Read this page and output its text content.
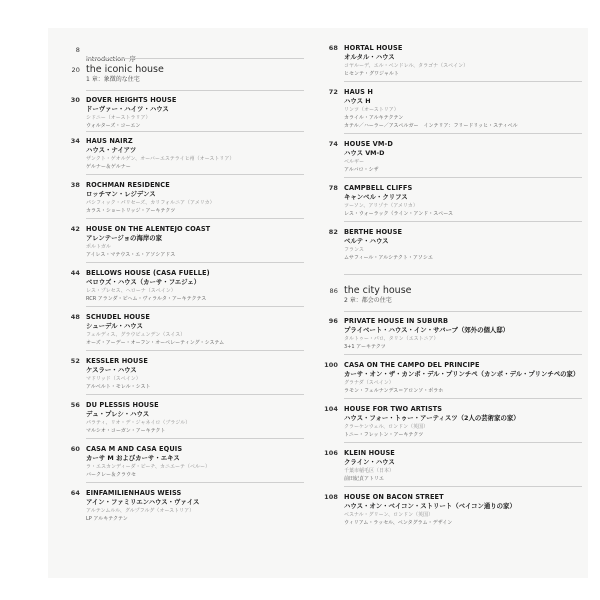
8
introduction 序
20 the iconic house
1 章：象徴的な住宅
30 DOVER HEIGHTS HOUSE
ドーヴァー・ハイツ・ハウス
シドニー（オーストラリア）
ウォルターズ・コーエン
34 HAUS NAIRZ
ハウス・ナイアツ
ザンクト・ゲオルゲン、オーバーエステライヒ州（オーストリア）
ゲルナー＆ゲルナー
38 ROCHMAN RESIDENCE
ロッチマン・レジデンス
パシフィック・パリセーズ、カリフォルニア（アメリカ）
カラス・ショートリッジ・アーキテクツ
42 HOUSE ON THE ALENTEJO COAST
アレンテージョの海岸の家
ポルトガル
アイレス・マテウス・エ・アソシアドス
44 BELLOWS HOUSE (CASA FUELLE)
ベロウズ・ハウス（カーサ・フエジェ）
レス・プレセス、ヘローナ（スペイン）
RCR アランダ・ピヘム・ヴィラルタ・アーキテクテス
48 SCHUDEL HOUSE
シューデル・ハウス
フェルディス、グラウビュンデン（スイス）
オーズ・アーデー・オーフン・オーペレーティング・システム
52 KESSLER HOUSE
ケスラー・ハウス
マドリッド（スペイン）
アルベルト・モレル・シスト
56 DU PLESSIS HOUSE
デュ・プレシ・ハウス
パラティ、リオ・デ・ジャネイロ（ブラジル）
マルシオ・コーガン・アーキテクト
60 CASA M AND CASA EQUIS
カーサ M およびカーサ・エキス
ラ・エスカンディーダ・ビーチ、カニエーテ（ペルー）
バークレー＆クラウセ
64 EINFAMILIENHAUS WEISS
アイン・ファミリエンハウス・ヴァイス
アルテンムルル、グルプフルグ（オーストリア）
LP アルキテクテン
68 HORTAL HOUSE
オルタル・ハウス
コヤルーデ、エル・ベンドレル、タラゴナ（スペイン）
ヒセンテ・グワジャルト
72 HAUS H
ハウス H
リンツ（オーストリア）
カライル・アルキテクテン
カテル／ハーラー／アスペルガー　インテリア：フリードリッヒ・スティベル
74 HOUSE VM-D
ハウス VM-D
ベルギー
アルバロ・シザ
78 CAMPBELL CLIFFS
キャンベル・クリフス
ツーソン、アリゾナ（アメリカ）
レス・ウォーラック（ライン・アンド・スペース
82 BERTHE HOUSE
ベルテ・ハウス
フランス
ムサフィール・アルシテクト・アソシエ
86 the city house
2 章：都会の住宅
96 PRIVATE HOUSE IN SUBURB
プライベート・ハウス・イン・サバーブ（郊外の個人邸）
タルトゥー・パロ、タリン（エストニア）
3+1 アーキテクツ
100 CASA ON THE CAMPO DEL PRINCIPE
カーサ・オン・ザ・カンポ・デル・プリンチペ（カンポ・デル・プリンチペの家）
グラナダ（スペイン）
ラモン・フェルナンデス＝アロンソ・ボラホ
104 HOUSE FOR TWO ARTISTS
ハウス・フォー・トゥー・アーティスツ（2人の芸術家の家）
クラーケンウェル、ロンドン（英国）
トニー・フレットン・アーキテクツ
106 KLEIN HOUSE
クライン・ハウス
千葉市稲毛区（日本）
前田紀貞アトリエ
108 HOUSE ON BACON STREET
ハウス・オン・ベイコン・ストリート（ベイコン通りの家）
ベスナル・グリーン、ロンドン（英国）
ウィリアム・ラッセル、ペンタグラム・デザイン
